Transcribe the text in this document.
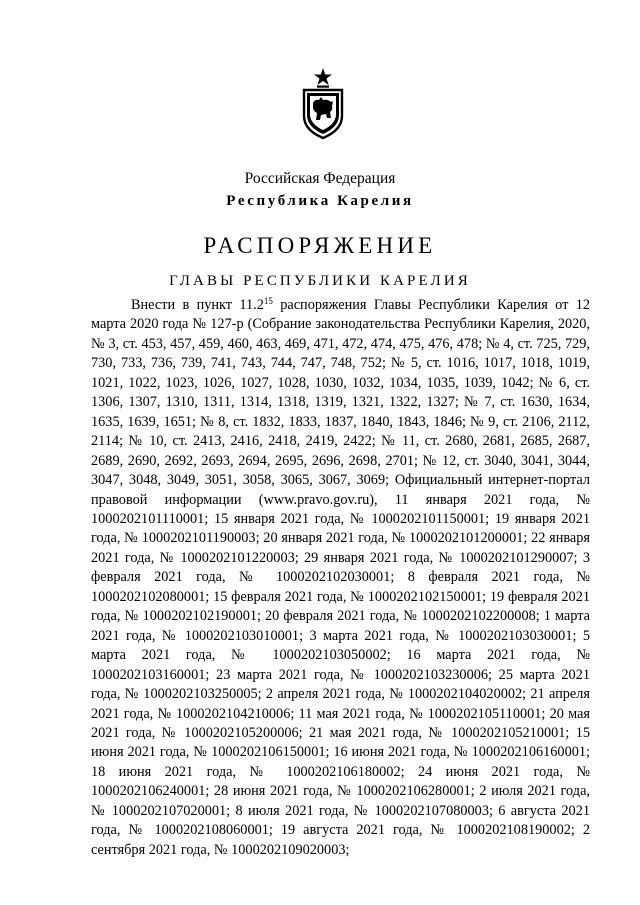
Российская Федерация
Республика Карелия
РАСПОРЯЖЕНИЕ
ГЛАВЫ РЕСПУБЛИКИ КАРЕЛИЯ

Внести в пункт 11.2$^{15}$ распоряжения Главы Республики Карелия от 12 марта 2020 года № 127-р (Собрание законодательства Республики Карелия, 2020, № 3, ст. 453, 457, 459, 460, 463, 469, 471, 472, 474, 475, 476, 478; № 4, ст. 725, 729, 730, 733, 736, 739, 741, 743, 744, 747, 748, 752; № 5, ст. 1016, 1017, 1018, 1019, 1021, 1022, 1023, 1026, 1027, 1028, 1030, 1032, 1034, 1035, 1039, 1042; № 6, ст. 1306, 1307, 1310, 1311, 1314, 1318, 1319, 1321, 1322, 1327; № 7, ст. 1630, 1634, 1635, 1639, 1651; № 8, ст. 1832, 1833, 1837, 1840, 1843, 1846; № 9, ст. 2106, 2112, 2114; № 10, ст. 2413, 2416, 2418, 2419, 2422; № 11, ст. 2680, 2681, 2685, 2687, 2689, 2690, 2692, 2693, 2694, 2695, 2696, 2698, 2701; № 12, ст. 3040, 3041, 3044, 3047, 3048, 3049, 3051, 3058, 3065, 3067, 3069; Официальный интернет-портал правовой информации (www.pravo.gov.ru), 11 января 2021 года, № 1000202101110001; 15 января 2021 года, № 1000202101150001; 19 января 2021 года, № 1000202101190003; 20 января 2021 года, № 1000202101200001; 22 января 2021 года, № 1000202101220003; 29 января 2021 года, № 1000202101290007; 3 февраля 2021 года, № 1000202102030001; 8 февраля 2021 года, № 1000202102080001; 15 февраля 2021 года, № 1000202102150001; 19 февраля 2021 года, № 1000202102190001; 20 февраля 2021 года, № 1000202102200008; 1 марта 2021 года, № 1000202103010001; 3 марта 2021 года, № 1000202103030001; 5 марта 2021 года, № 1000202103050002; 16 марта 2021 года, № 1000202103160001; 23 марта 2021 года, № 1000202103230006; 25 марта 2021 года, № 1000202103250005; 2 апреля 2021 года, № 1000202104020002; 21 апреля 2021 года, № 1000202104210006; 11 мая 2021 года, № 1000202105110001; 20 мая 2021 года, № 1000202105200006; 21 мая 2021 года, № 1000202105210001; 15 июня 2021 года, № 1000202106150001; 16 июня 2021 года, № 1000202106160001; 18 июня 2021 года, № 1000202106180002; 24 июня 2021 года, № 1000202106240001; 28 июня 2021 года, № 1000202106280001; 2 июля 2021 года, № 1000202107020001; 8 июля 2021 года, № 1000202107080003; 6 августа 2021 года, № 1000202108060001; 19 августа 2021 года, № 1000202108190002; 2 сентября 2021 года, № 1000202109020003;
